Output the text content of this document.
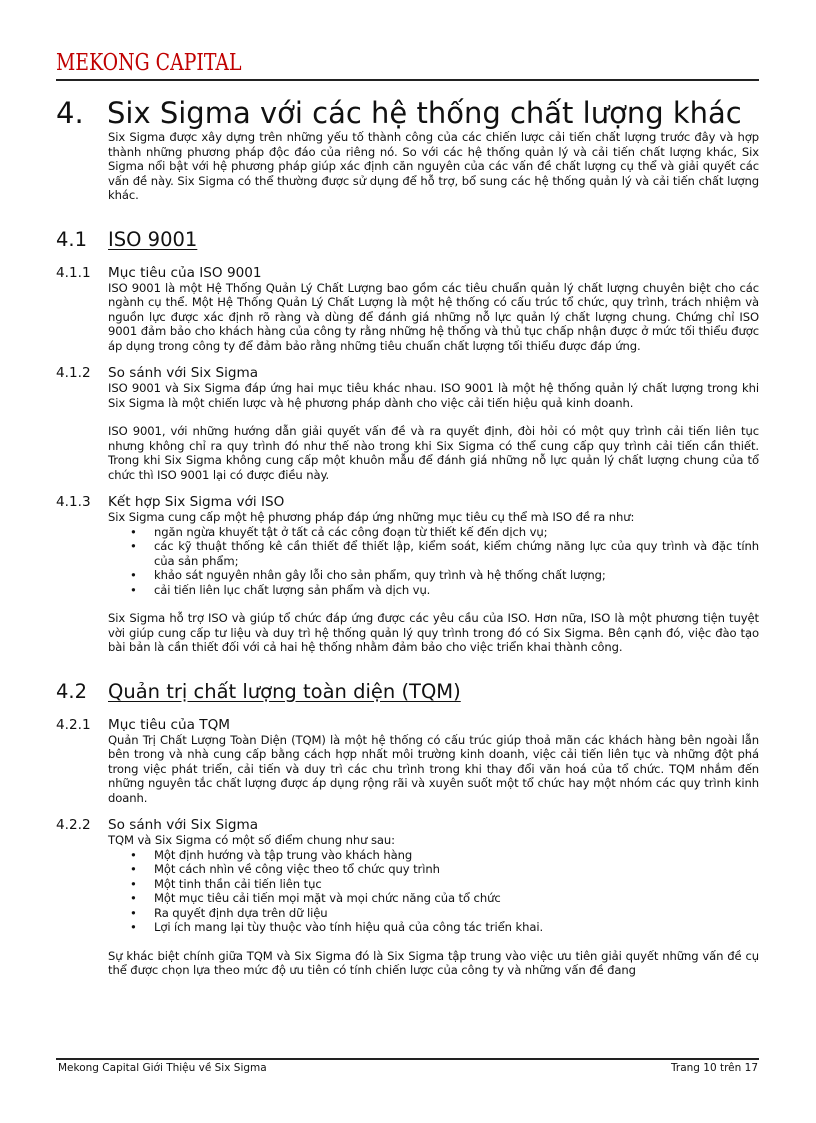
MEKONG CAPITAL
4. Six Sigma với các hệ thống chất lượng khác

Six Sigma được xây dựng trên những yếu tố thành công của các chiến lược cải tiến chất lượng trước đây và hợp thành những phương pháp độc đáo của riêng nó. So với các hệ thống quản lý và cải tiến chất lượng khác, Six Sigma nổi bật với hệ phương pháp giúp xác định căn nguyên của các vấn đề chất lượng cụ thể và giải quyết các vấn đề này. Six Sigma có thể thường được sử dụng để hỗ trợ, bổ sung các hệ thống quản lý và cải tiến chất lượng khác.

4.1	ISO 9001
4.1.1	Mục tiêu của ISO 9001

ISO 9001 là một Hệ Thống Quản Lý Chất Lượng bao gồm các tiêu chuẩn quản lý chất lượng chuyên biệt cho các ngành cụ thể. Một Hệ Thống Quản Lý Chất Lượng là một hệ thống có cấu trúc tổ chức, quy trình, trách nhiệm và nguồn lực được xác định rõ ràng và dùng để đánh giá những nỗ lực quản lý chất lượng chung. Chứng chỉ ISO 9001 đảm bảo cho khách hàng của công ty rằng những hệ thống và thủ tục chấp nhận được ở mức tối thiểu được áp dụng trong công ty để đảm bảo rằng những tiêu chuẩn chất lượng tối thiểu được đáp ứng.

4.1.2	So sánh với Six Sigma

ISO 9001 và Six Sigma đáp ứng hai mục tiêu khác nhau. ISO 9001 là một hệ thống quản lý chất lượng trong khi Six Sigma là một chiến lược và hệ phương pháp dành cho việc cải tiến hiệu quả kinh doanh.

ISO 9001, với những hướng dẫn giải quyết vấn đề và ra quyết định, đòi hỏi có một quy trình cải tiến liên tục nhưng không chỉ ra quy trình đó như thế nào trong khi Six Sigma có thể cung cấp quy trình cải tiến cần thiết. Trong khi Six Sigma không cung cấp một khuôn mẫu để đánh giá những nỗ lực quản lý chất lượng chung của tổ chức thì ISO 9001 lại có được điều này.

4.1.3	Kết hợp Six Sigma với ISO

Six Sigma cung cấp một hệ phương pháp đáp ứng những mục tiêu cụ thể mà ISO đề ra như:

• ngăn ngừa khuyết tật ở tất cả các công đoạn từ thiết kế đến dịch vụ;
• các kỹ thuật thống kê cần thiết để thiết lập, kiểm soát, kiểm chứng năng lực của quy trình và đặc tính của sản phẩm;
• khảo sát nguyên nhân gây lỗi cho sản phẩm, quy trình và hệ thống chất lượng;
• cải tiến liên lục chất lượng sản phẩm và dịch vụ.

Six Sigma hỗ trợ ISO và giúp tổ chức đáp ứng được các yêu cầu của ISO. Hơn nữa, ISO là một phương tiện tuyệt vời giúp cung cấp tư liệu và duy trì hệ thống quản lý quy trình trong đó có Six Sigma. Bên cạnh đó, việc đào tạo bài bản là cần thiết đối với cả hai hệ thống nhằm đảm bảo cho việc triển khai thành công.

4.2	Quản trị chất lượng toàn diện (TQM)
4.2.1	Mục tiêu của TQM

Quản Trị Chất Lượng Toàn Diện (TQM) là một hệ thống có cấu trúc giúp thoả mãn các khách hàng bên ngoài lẫn bên trong và nhà cung cấp bằng cách hợp nhất môi trường kinh doanh, việc cải tiến liên tục và những đột phá trong việc phát triển, cải tiến và duy trì các chu trình trong khi thay đổi văn hoá của tổ chức. TQM nhắm đến những nguyên tắc chất lượng được áp dụng rộng rãi và xuyên suốt một tổ chức hay một nhóm các quy trình kinh doanh.

4.2.2	So sánh với Six Sigma

TQM và Six Sigma có một số điểm chung như sau:

• Một định hướng và tập trung vào khách hàng
• Một cách nhìn về công việc theo tổ chức quy trình
• Một tinh thần cải tiến liên tục
• Một mục tiêu cải tiến mọi mặt và mọi chức năng của tổ chức
• Ra quyết định dựa trên dữ liệu
• Lợi ích mang lại tùy thuộc vào tính hiệu quả của công tác triển khai.

Sự khác biệt chính giữa TQM và Six Sigma đó là Six Sigma tập trung vào việc ưu tiên giải quyết những vấn đề cụ thể được chọn lựa theo mức độ ưu tiên có tính chiến lược của công ty và những vấn đề đang

Mekong Capital Giới Thiệu về Six Sigma	Trang 10 trên 17
